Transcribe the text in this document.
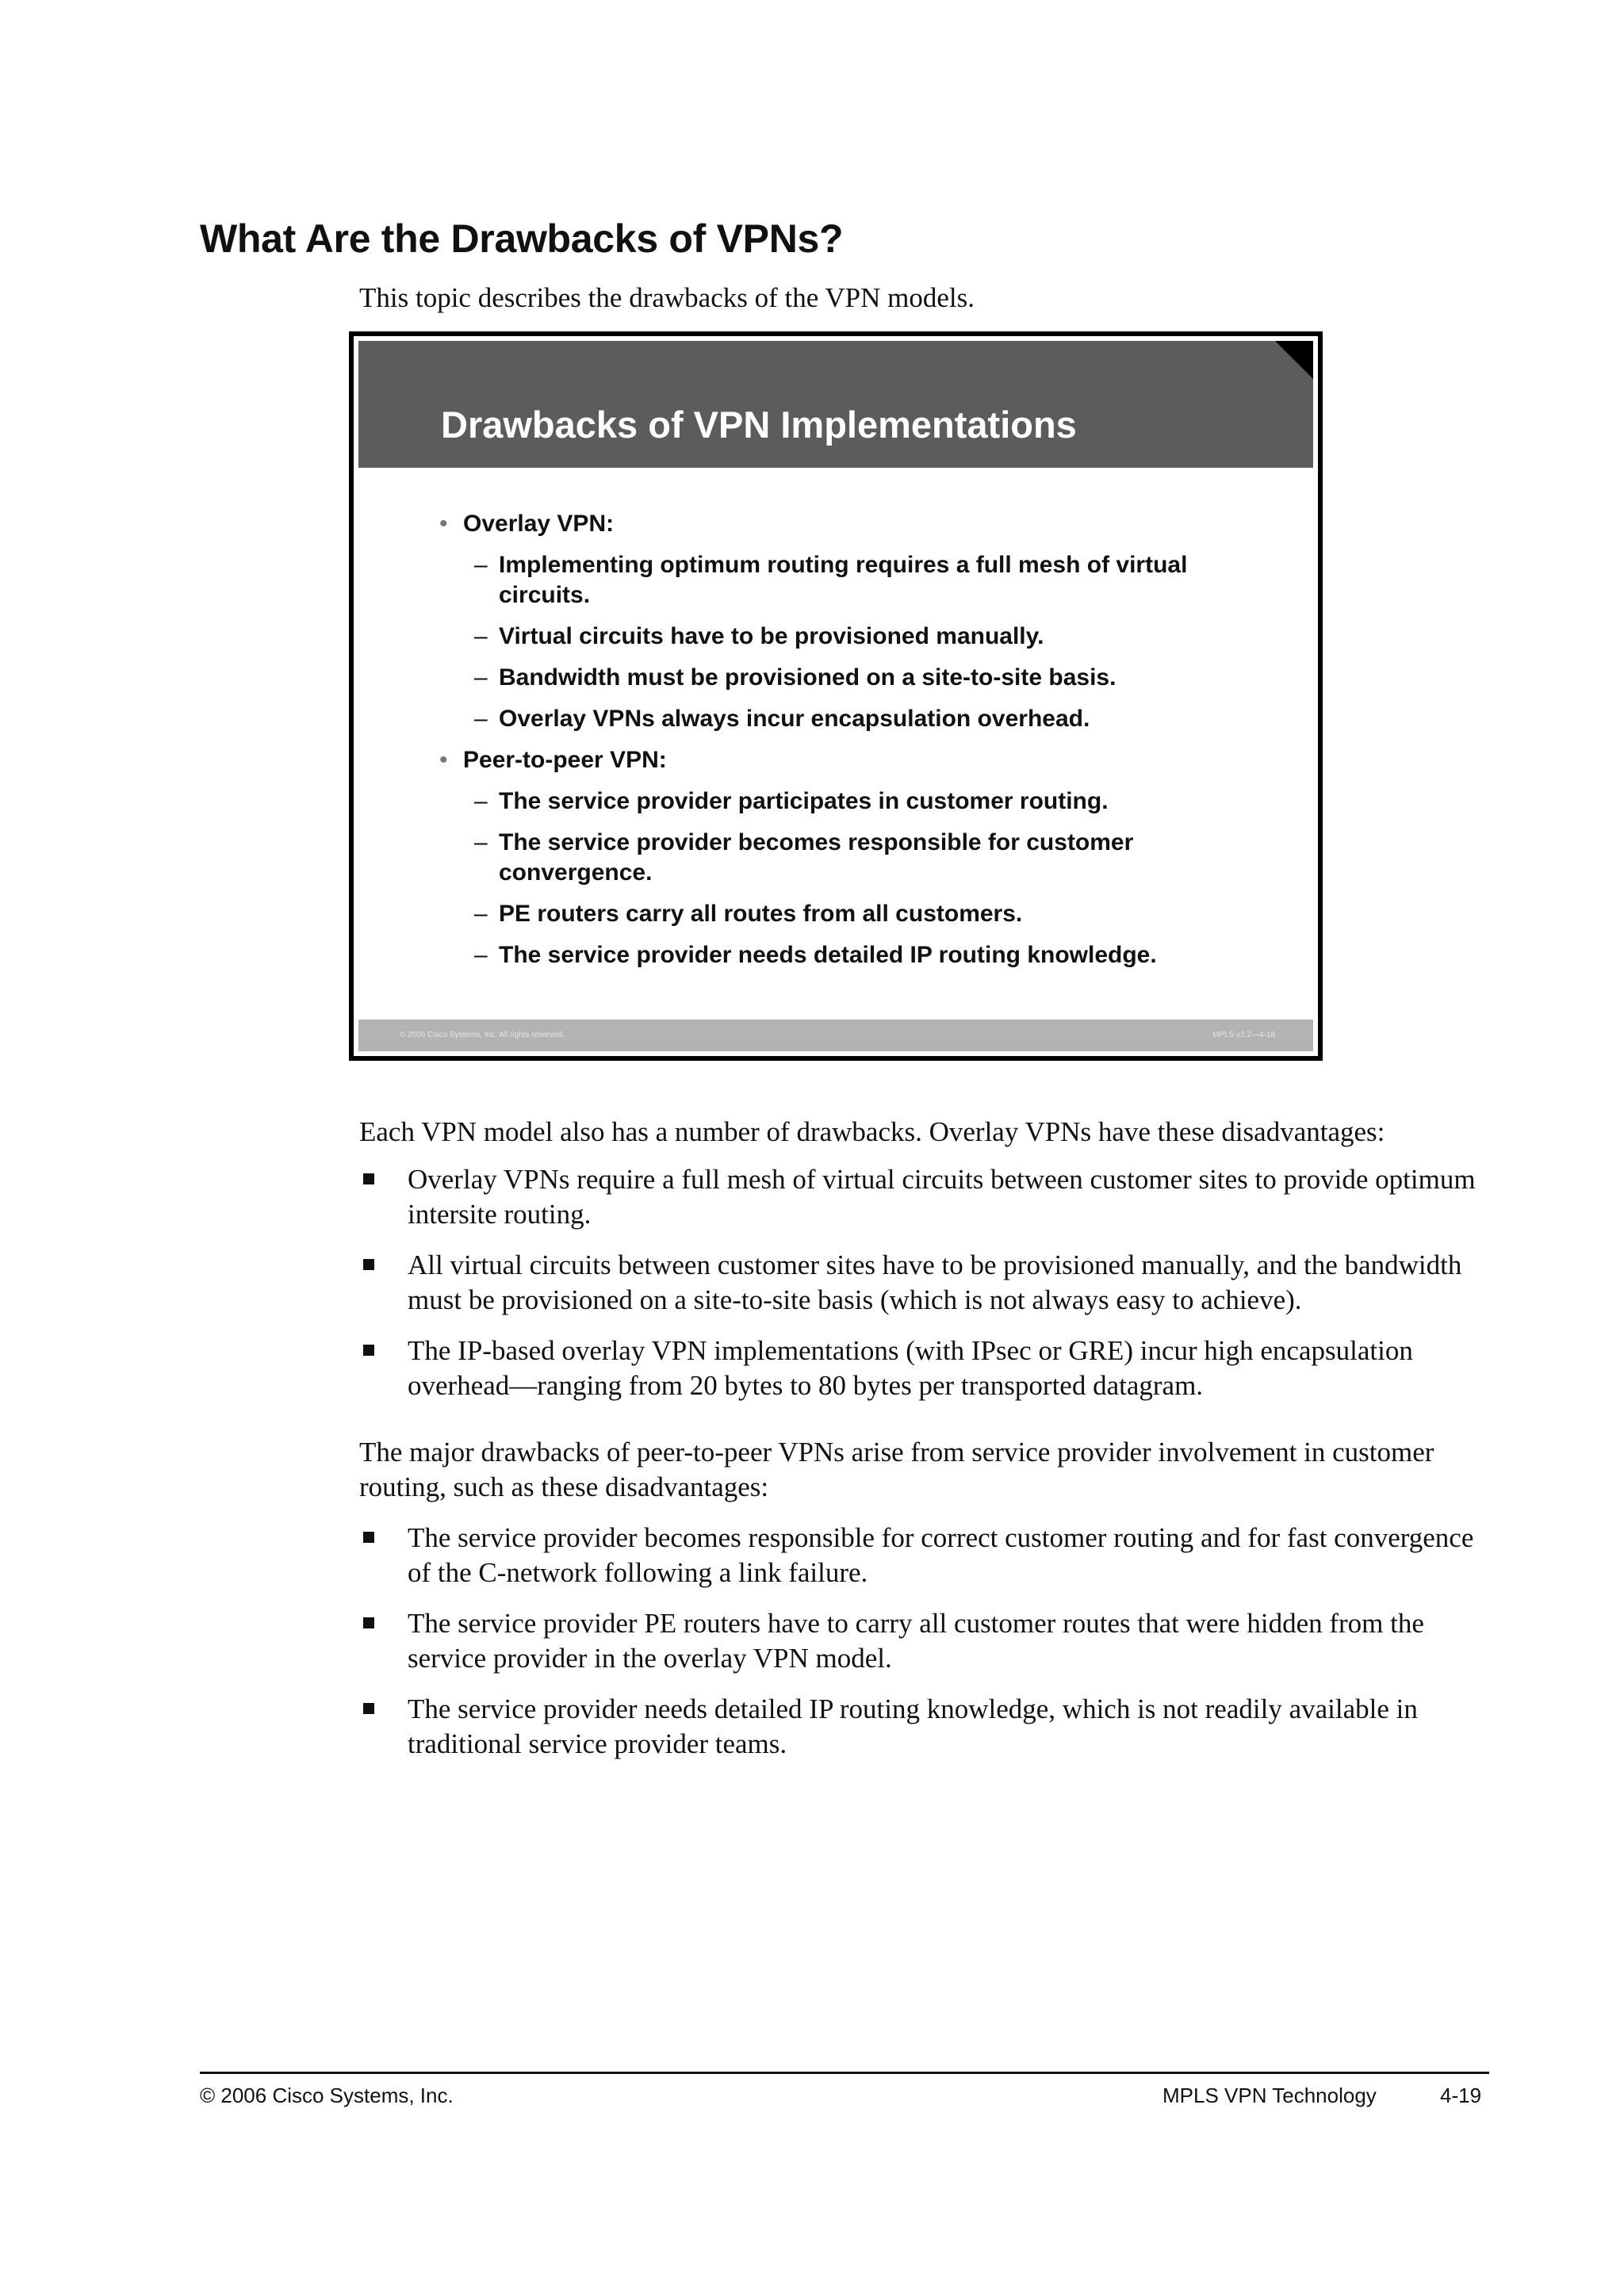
What Are the Drawbacks of VPNs?

This topic describes the drawbacks of the VPN models.

Drawbacks of VPN Implementations
• Overlay VPN:
– Implementing optimum routing requires a full mesh of virtual circuits.
– Virtual circuits have to be provisioned manually.
– Bandwidth must be provisioned on a site-to-site basis.
– Overlay VPNs always incur encapsulation overhead.
• Peer-to-peer VPN:
– The service provider participates in customer routing.
– The service provider becomes responsible for customer convergence.
– PE routers carry all routes from all customers.
– The service provider needs detailed IP routing knowledge.
© 2006 Cisco Systems, Inc. All rights reserved.	MPLS v2.2—4-18

Each VPN model also has a number of drawbacks. Overlay VPNs have these disadvantages:

Overlay VPNs require a full mesh of virtual circuits between customer sites to provide optimum intersite routing.
All virtual circuits between customer sites have to be provisioned manually, and the bandwidth must be provisioned on a site-to-site basis (which is not always easy to achieve).
The IP-based overlay VPN implementations (with IPsec or GRE) incur high encapsulation overhead—ranging from 20 bytes to 80 bytes per transported datagram.

The major drawbacks of peer-to-peer VPNs arise from service provider involvement in customer routing, such as these disadvantages:

The service provider becomes responsible for correct customer routing and for fast convergence of the C-network following a link failure.
The service provider PE routers have to carry all customer routes that were hidden from the service provider in the overlay VPN model.
The service provider needs detailed IP routing knowledge, which is not readily available in traditional service provider teams.
© 2006 Cisco Systems, Inc.	MPLS VPN Technology	4-19
